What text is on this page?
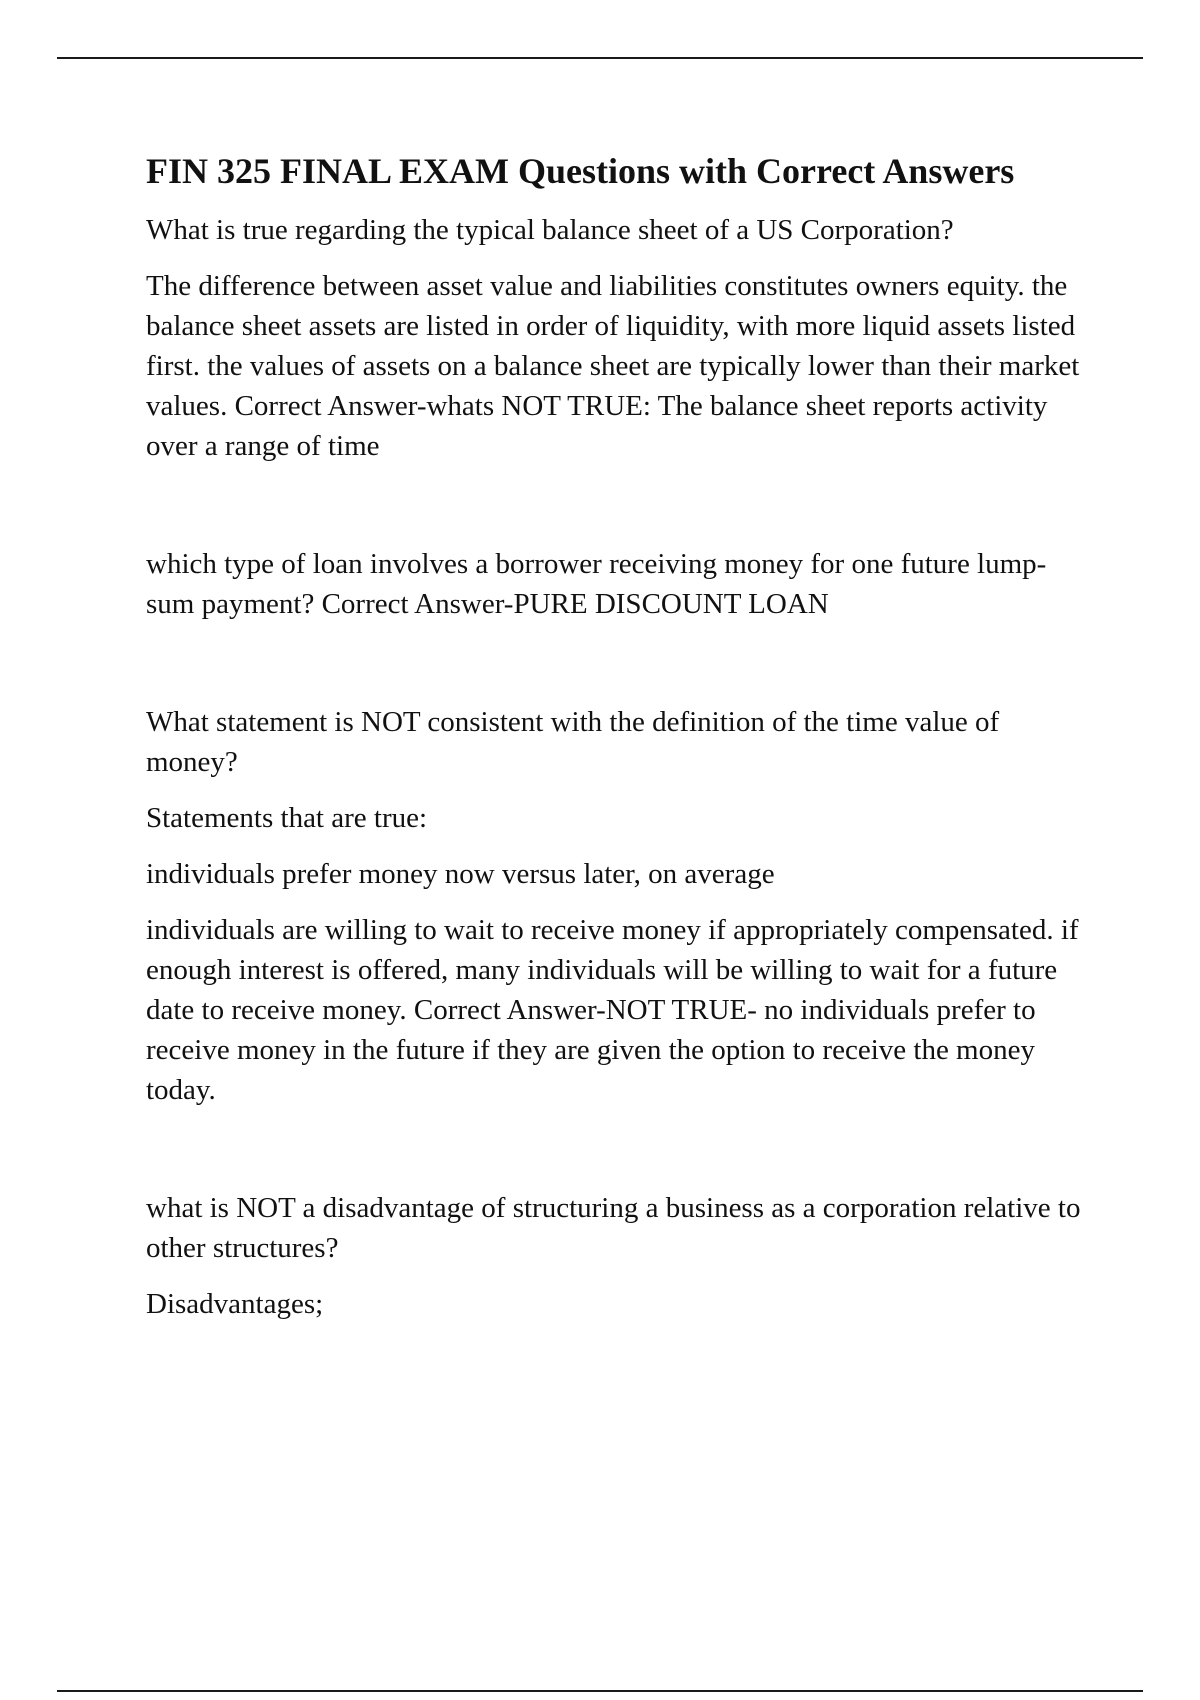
FIN 325 FINAL EXAM Questions with Correct Answers

What is true regarding the typical balance sheet of a US Corporation?

The difference between asset value and liabilities constitutes owners equity. the balance sheet assets are listed in order of liquidity, with more liquid assets listed first. the values of assets on a balance sheet are typically lower than their market values. Correct Answer-whats NOT TRUE: The balance sheet reports activity over a range of time

which type of loan involves a borrower receiving money for one future lump-sum payment? Correct Answer-PURE DISCOUNT LOAN

What statement is NOT consistent with the definition of the time value of money?

Statements that are true:

individuals prefer money now versus later, on average

individuals are willing to wait to receive money if appropriately compensated. if enough interest is offered, many individuals will be willing to wait for a future date to receive money. Correct Answer-NOT TRUE- no individuals prefer to receive money in the future if they are given the option to receive the money today.

what is NOT a disadvantage of structuring a business as a corporation relative to other structures?

Disadvantages;
